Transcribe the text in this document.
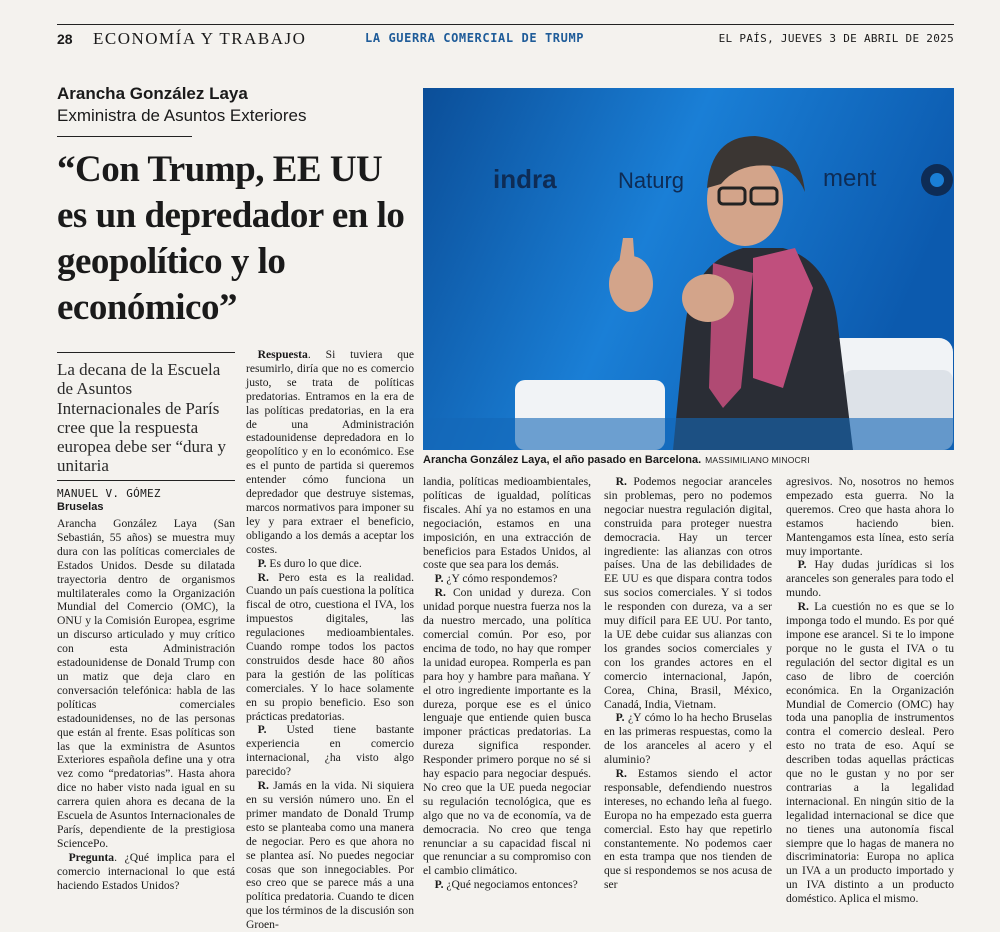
28 ECONOMÍA Y TRABAJO	LA GUERRA COMERCIAL DE TRUMP	EL PAÍS, JUEVES 3 DE ABRIL DE 2025
Arancha González Laya
Exministra de Asuntos Exteriores
“Con Trump, EE UU es un depredador en lo geopolítico y lo económico”
indra	Naturg	ment
Arancha González Laya, el año pasado en Barcelona. MASSIMILIANO MINOCRI
La decana de la Escuela de Asuntos Internacionales de París cree que la respuesta europea debe ser “dura y unitaria
MANUEL V. GÓMEZ
Bruselas

Arancha González Laya (San Sebastián, 55 años) se muestra muy dura con las políticas comerciales de Estados Unidos. Desde su dilatada trayectoria dentro de organismos multilaterales como la Organización Mundial del Comercio (OMC), la ONU y la Comisión Europea, esgrime un discurso articulado y muy crítico con esta Administración estadounidense de Donald Trump con un matiz que deja claro en conversación telefónica: habla de las políticas comerciales estadounidenses, no de las personas que están al frente. Esas políticas son las que la exministra de Asuntos Exteriores española define una y otra vez como “predatorias”. Hasta ahora dice no haber visto nada igual en su carrera quien ahora es decana de la Escuela de Asuntos Internacionales de París, dependiente de la prestigiosa SciencePo.

Pregunta. ¿Qué implica para el comercio internacional lo que está haciendo Estados Unidos?

Respuesta. Si tuviera que resumirlo, diría que no es comercio justo, se trata de políticas predatorias. Entramos en la era de las políticas predatorias, en la era de una Administración estadounidense depredadora en lo geopolítico y en lo económico. Ese es el punto de partida si queremos entender cómo funciona un depredador que destruye sistemas, marcos normativos para imponer su ley y para extraer el beneficio, obligando a los demás a aceptar los costes.

P. Es duro lo que dice.

R. Pero esta es la realidad. Cuando un país cuestiona la política fiscal de otro, cuestiona el IVA, los impuestos digitales, las regulaciones medioambientales. Cuando rompe todos los pactos construidos desde hace 80 años para la gestión de las políticas comerciales. Y lo hace solamente en su propio beneficio. Eso son prácticas predatorias.

P. Usted tiene bastante experiencia en comercio internacional, ¿ha visto algo parecido?

R. Jamás en la vida. Ni siquiera en su versión número uno. En el primer mandato de Donald Trump esto se planteaba como una manera de negociar. Pero es que ahora no se plantea así. No puedes negociar cosas que son innegociables. Por eso creo que se parece más a una política predatoria. Cuando te dicen que los términos de la discusión son Groen-

landia, políticas medioambientales, políticas de igualdad, políticas fiscales. Ahí ya no estamos en una negociación, estamos en una imposición, en una extracción de beneficios para Estados Unidos, al coste que sea para los demás.

P. ¿Y cómo respondemos?

R. Con unidad y dureza. Con unidad porque nuestra fuerza nos la da nuestro mercado, una política comercial común. Por eso, por encima de todo, no hay que romper la unidad europea. Romperla es pan para hoy y hambre para mañana. Y el otro ingrediente importante es la dureza, porque ese es el único lenguaje que entiende quien busca imponer prácticas predatorias. La dureza significa responder. Responder primero porque no sé si hay espacio para negociar después. No creo que la UE pueda negociar su regulación tecnológica, que es algo que no va de economía, va de democracia. No creo que tenga renunciar a su capacidad fiscal ni que renunciar a su compromiso con el cambio climático.

P. ¿Qué negociamos entonces?

R. Podemos negociar aranceles sin problemas, pero no podemos negociar nuestra regulación digital, construida para proteger nuestra democracia. Hay un tercer ingrediente: las alianzas con otros países. Una de las debilidades de EE UU es que dispara contra todos sus socios comerciales. Y si todos le responden con dureza, va a ser muy difícil para EE UU. Por tanto, la UE debe cuidar sus alianzas con los grandes socios comerciales y con los grandes actores en el comercio internacional, Japón, Corea, China, Brasil, México, Canadá, India, Vietnam.

P. ¿Y cómo lo ha hecho Bruselas en las primeras respuestas, como la de los aranceles al acero y el aluminio?

R. Estamos siendo el actor responsable, defendiendo nuestros intereses, no echando leña al fuego. Europa no ha empezado esta guerra comercial. Esto hay que repetirlo constantemente. No podemos caer en esta trampa que nos tienden de que si respondemos se nos acusa de ser

agresivos. No, nosotros no hemos empezado esta guerra. No la queremos. Creo que hasta ahora lo estamos haciendo bien. Mantengamos esta línea, esto sería muy importante.

P. Hay dudas jurídicas si los aranceles son generales para todo el mundo.

R. La cuestión no es que se lo imponga todo el mundo. Es por qué impone ese arancel. Si te lo impone porque no le gusta el IVA o tu regulación del sector digital es un caso de libro de coerción económica. En la Organización Mundial de Comercio (OMC) hay toda una panoplia de instrumentos contra el comercio desleal. Pero esto no trata de eso. Aquí se describen todas aquellas prácticas que no le gustan y no por ser contrarias a la legalidad internacional. En ningún sitio de la legalidad internacional se dice que no tienes una autonomía fiscal siempre que lo hagas de manera no discriminatoria: Europa no aplica un IVA a un producto importado y un IVA distinto a un producto doméstico. Aplica el mismo.
